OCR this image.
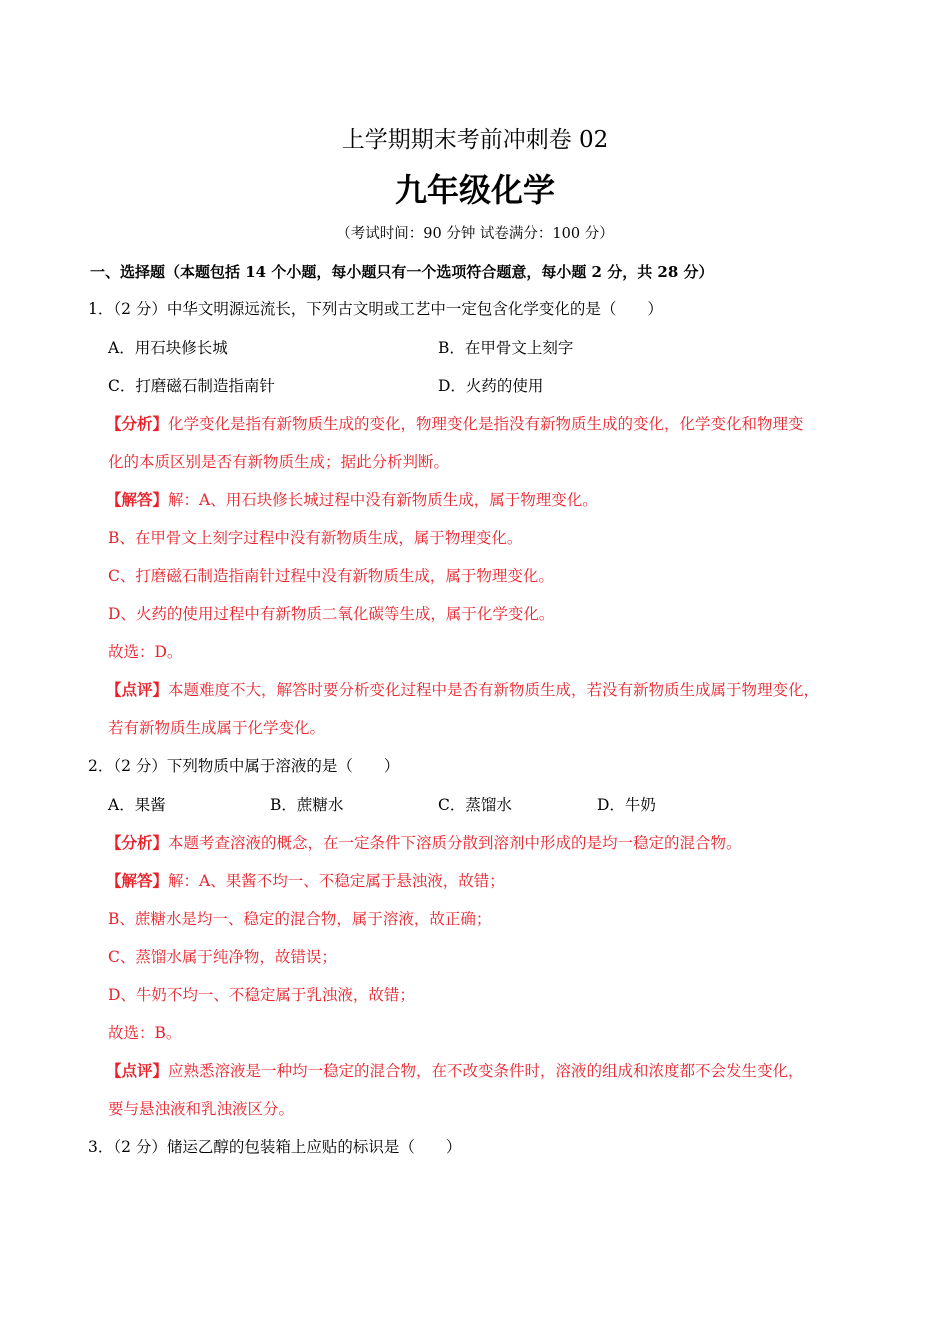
上学期期末考前冲刺卷 02
九年级化学
（考试时间：90 分钟 试卷满分：100 分）
一、选择题（本题包括 14 个小题，每小题只有一个选项符合题意，每小题 2 分，共 28 分）
1．（2 分）中华文明源远流长，下列古文明或工艺中一定包含化学变化的是（　　）
A．用石块修长城	B．在甲骨文上刻字
C．打磨磁石制造指南针	D．火药的使用
【分析】化学变化是指有新物质生成的变化，物理变化是指没有新物质生成的变化，化学变化和物理变
化的本质区别是否有新物质生成；据此分析判断。
【解答】解：A、用石块修长城过程中没有新物质生成，属于物理变化。
B、在甲骨文上刻字过程中没有新物质生成，属于物理变化。
C、打磨磁石制造指南针过程中没有新物质生成，属于物理变化。
D、火药的使用过程中有新物质二氧化碳等生成，属于化学变化。
故选：D。
【点评】本题难度不大，解答时要分析变化过程中是否有新物质生成，若没有新物质生成属于物理变化，
若有新物质生成属于化学变化。
2．（2 分）下列物质中属于溶液的是（　　）
A．果酱	B．蔗糖水	C．蒸馏水	D．牛奶
【分析】本题考查溶液的概念，在一定条件下溶质分散到溶剂中形成的是均一稳定的混合物。
【解答】解：A、果酱不均一、不稳定属于悬浊液，故错；
B、蔗糖水是均一、稳定的混合物，属于溶液，故正确；
C、蒸馏水属于纯净物，故错误；
D、牛奶不均一、不稳定属于乳浊液，故错；
故选：B。
【点评】应熟悉溶液是一种均一稳定的混合物，在不改变条件时，溶液的组成和浓度都不会发生变化，
要与悬浊液和乳浊液区分。
3．（2 分）储运乙醇的包装箱上应贴的标识是（　　）
